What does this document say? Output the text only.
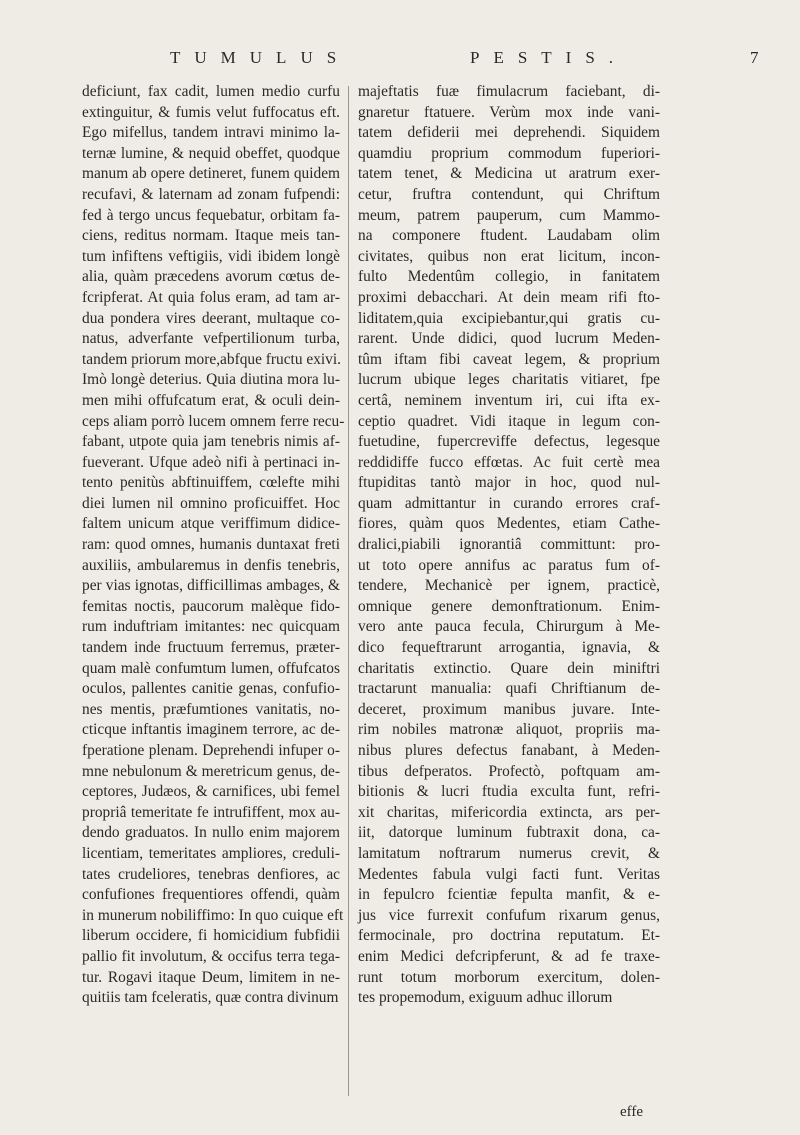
TUMULUS	PESTIS.	7
deficiunt, fax cadit, lumen medio curfu
extinguitur, & fumis velut fuffocatus eft.
Ego mifellus, tandem intravi minimo la-
ternæ lumine, & nequid obeffet, quodque
manum ab opere detineret, funem quidem
recufavi, & laternam ad zonam fufpendi:
fed à tergo uncus fequebatur, orbitam fa-
ciens, reditus normam. Itaque meis tan-
tum infiftens veftigiis, vidi ibidem longè
alia, quàm præcedens avorum cœtus de-
fcripferat. At quia folus eram, ad tam ar-
dua pondera vires deerant, multaque co-
natus, adverfante vefpertilionum turba,
tandem priorum more,abfque fructu exivi.
Imò longè deterius. Quia diutina mora lu-
men mihi offufcatum erat, & oculi dein-
ceps aliam porrò lucem omnem ferre recu-
fabant, utpote quia jam tenebris nimis af-
fueverant. Ufque adeò nifi à pertinaci in-
tento penitùs abftinuiffem, cœlefte mihi
diei lumen nil omnino proficuiffet. Hoc
faltem unicum atque veriffimum didice-
ram: quod omnes, humanis duntaxat freti
auxiliis, ambularemus in denfis tenebris,
per vias ignotas, difficillimas ambages, &
femitas noctis, paucorum malèque fido-
rum induftriam imitantes: nec quicquam
tandem inde fructuum ferremus, præter-
quam malè confumtum lumen, offufcatos
oculos, pallentes canitie genas, confufio-
nes mentis, præfumtiones vanitatis, no-
cticque inftantis imaginem terrore, ac de-
fperatione plenam. Deprehendi infuper o-
mne nebulonum & meretricum genus, de-
ceptores, Judæos, & carnifices, ubi femel
propriâ temeritate fe intrufiffent, mox au-
dendo graduatos. In nullo enim majorem
licentiam, temeritates ampliores, creduli-
tates crudeliores, tenebras denfiores, ac
confufiones frequentiores offendi, quàm
in munerum nobiliffimo: In quo cuique eft
liberum occidere, fi homicidium fubfidii
pallio fit involutum, & occifus terra tega-
tur. Rogavi itaque Deum, limitem in ne-
quitiis tam fceleratis, quæ contra divinum
majeftatis fuæ fimulacrum faciebant, di-
gnaretur ftatuere. Verùm mox inde vani-
tatem defiderii mei deprehendi. Siquidem
quamdiu proprium commodum fuperiori-
tatem tenet, & Medicina ut aratrum exer-
cetur, fruftra contendunt, qui Chriftum
meum, patrem pauperum, cum Mammo-
na componere ftudent. Laudabam olim
civitates, quibus non erat licitum, incon-
fulto Medentûm collegio, in fanitatem
proximi debacchari. At dein meam rifi fto-
liditatem,quia excipiebantur,qui gratis cu-
rarent. Unde didici, quod lucrum Meden-
tûm iftam fibi caveat legem, & proprium
lucrum ubique leges charitatis vitiaret, fpe
certâ, neminem inventum iri, cui ifta ex-
ceptio quadret. Vidi itaque in legum con-
fuetudine, fupercreviffe defectus, legesque
reddidiffe fucco effœtas. Ac fuit certè mea
ftupiditas tantò major in hoc, quod nul-
quam admittantur in curando errores craf-
fiores, quàm quos Medentes, etiam Cathe-
dralici,piabili ignorantiâ committunt: pro-
ut toto opere annifus ac paratus fum of-
tendere, Mechanicè per ignem, practicè,
omnique genere demonftrationum. Enim-
vero ante pauca fecula, Chirurgum à Me-
dico fequeftrarunt arrogantia, ignavia, &
charitatis extinctio. Quare dein miniftri
tractarunt manualia: quafi Chriftianum de-
deceret, proximum manibus juvare. Inte-
rim nobiles matronæ aliquot, propriis ma-
nibus plures defectus fanabant, à Meden-
tibus defperatos. Profectò, poftquam am-
bitionis & lucri ftudia exculta funt, refri-
xit charitas, mifericordia extincta, ars per-
iit, datorque luminum fubtraxit dona, ca-
lamitatum noftrarum numerus crevit, &
Medentes fabula vulgi facti funt. Veritas
in fepulcro fcientiæ fepulta manfit, & e-
jus vice furrexit confufum rixarum genus,
fermocinale, pro doctrina reputatum. Et-
enim Medici defcripferunt, & ad fe traxe-
runt totum morborum exercitum, dolen-
tes propemodum, exiguum adhuc illorum
effe
